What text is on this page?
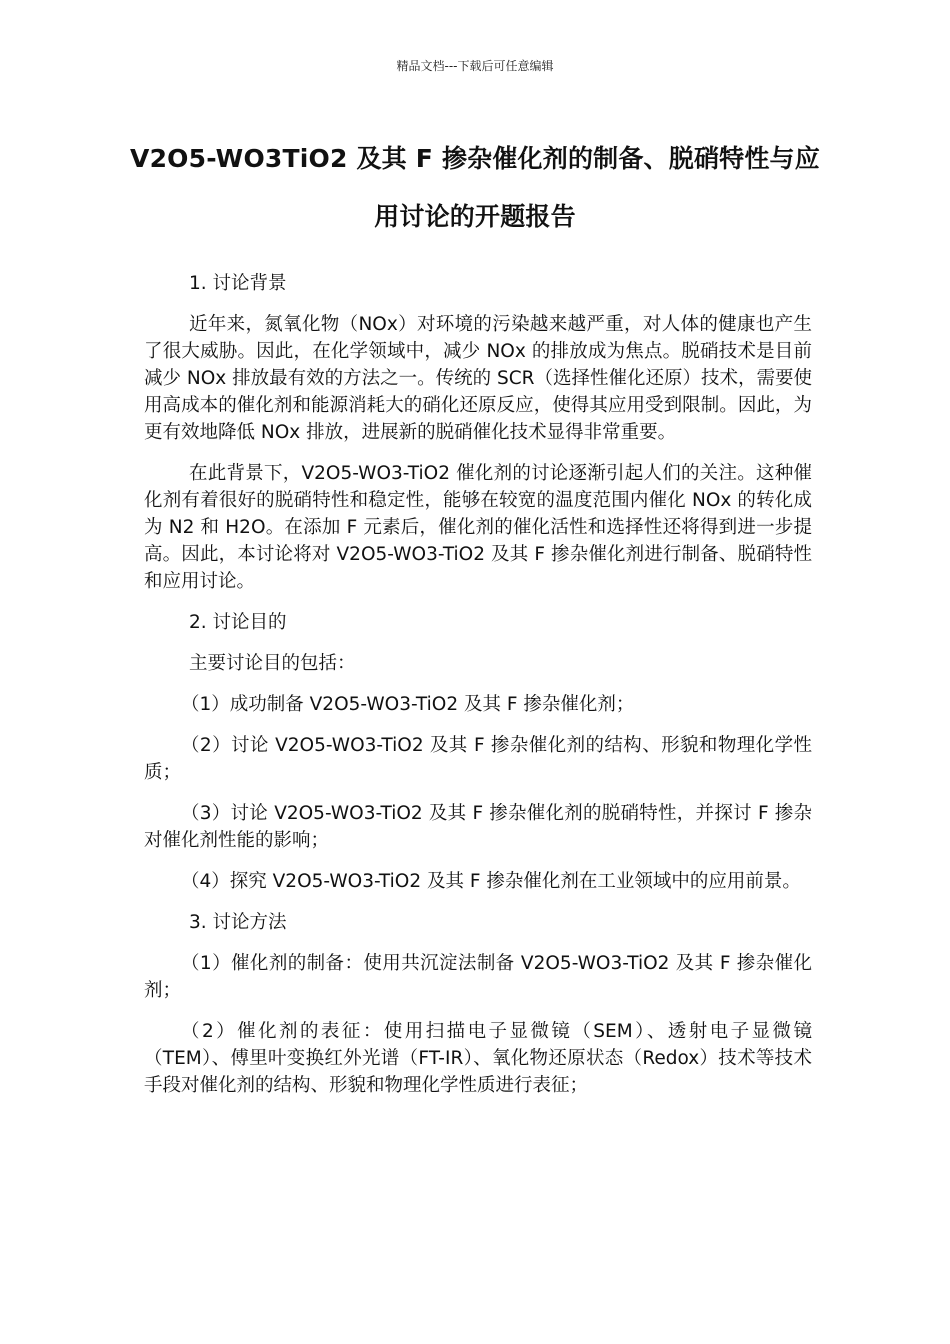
精品文档---下载后可任意编辑
V2O5-WO3TiO2 及其 F 掺杂催化剂的制备、脱硝特性与应用讨论的开题报告

1. 讨论背景

近年来，氮氧化物（NOx）对环境的污染越来越严重，对人体的健康也产生了很大威胁。因此，在化学领域中，减少 NOx 的排放成为焦点。脱硝技术是目前减少 NOx 排放最有效的方法之一。传统的 SCR（选择性催化还原）技术，需要使用高成本的催化剂和能源消耗大的硝化还原反应，使得其应用受到限制。因此，为更有效地降低 NOx 排放，进展新的脱硝催化技术显得非常重要。

在此背景下，V2O5-WO3-TiO2 催化剂的讨论逐渐引起人们的关注。这种催化剂有着很好的脱硝特性和稳定性，能够在较宽的温度范围内催化 NOx 的转化成为 N2 和 H2O。在添加 F 元素后，催化剂的催化活性和选择性还将得到进一步提高。因此，本讨论将对 V2O5-WO3-TiO2 及其 F 掺杂催化剂进行制备、脱硝特性和应用讨论。

2. 讨论目的

主要讨论目的包括：

（1）成功制备 V2O5-WO3-TiO2 及其 F 掺杂催化剂；

（2）讨论 V2O5-WO3-TiO2 及其 F 掺杂催化剂的结构、形貌和物理化学性质；

（3）讨论 V2O5-WO3-TiO2 及其 F 掺杂催化剂的脱硝特性，并探讨 F 掺杂对催化剂性能的影响；

（4）探究 V2O5-WO3-TiO2 及其 F 掺杂催化剂在工业领域中的应用前景。

3. 讨论方法

（1）催化剂的制备：使用共沉淀法制备 V2O5-WO3-TiO2 及其 F 掺杂催化剂；

（2）催化剂的表征：使用扫描电子显微镜（SEM）、透射电子显微镜（TEM）、傅里叶变换红外光谱（FT-IR）、氧化物还原状态（Redox）技术等技术手段对催化剂的结构、形貌和物理化学性质进行表征；
